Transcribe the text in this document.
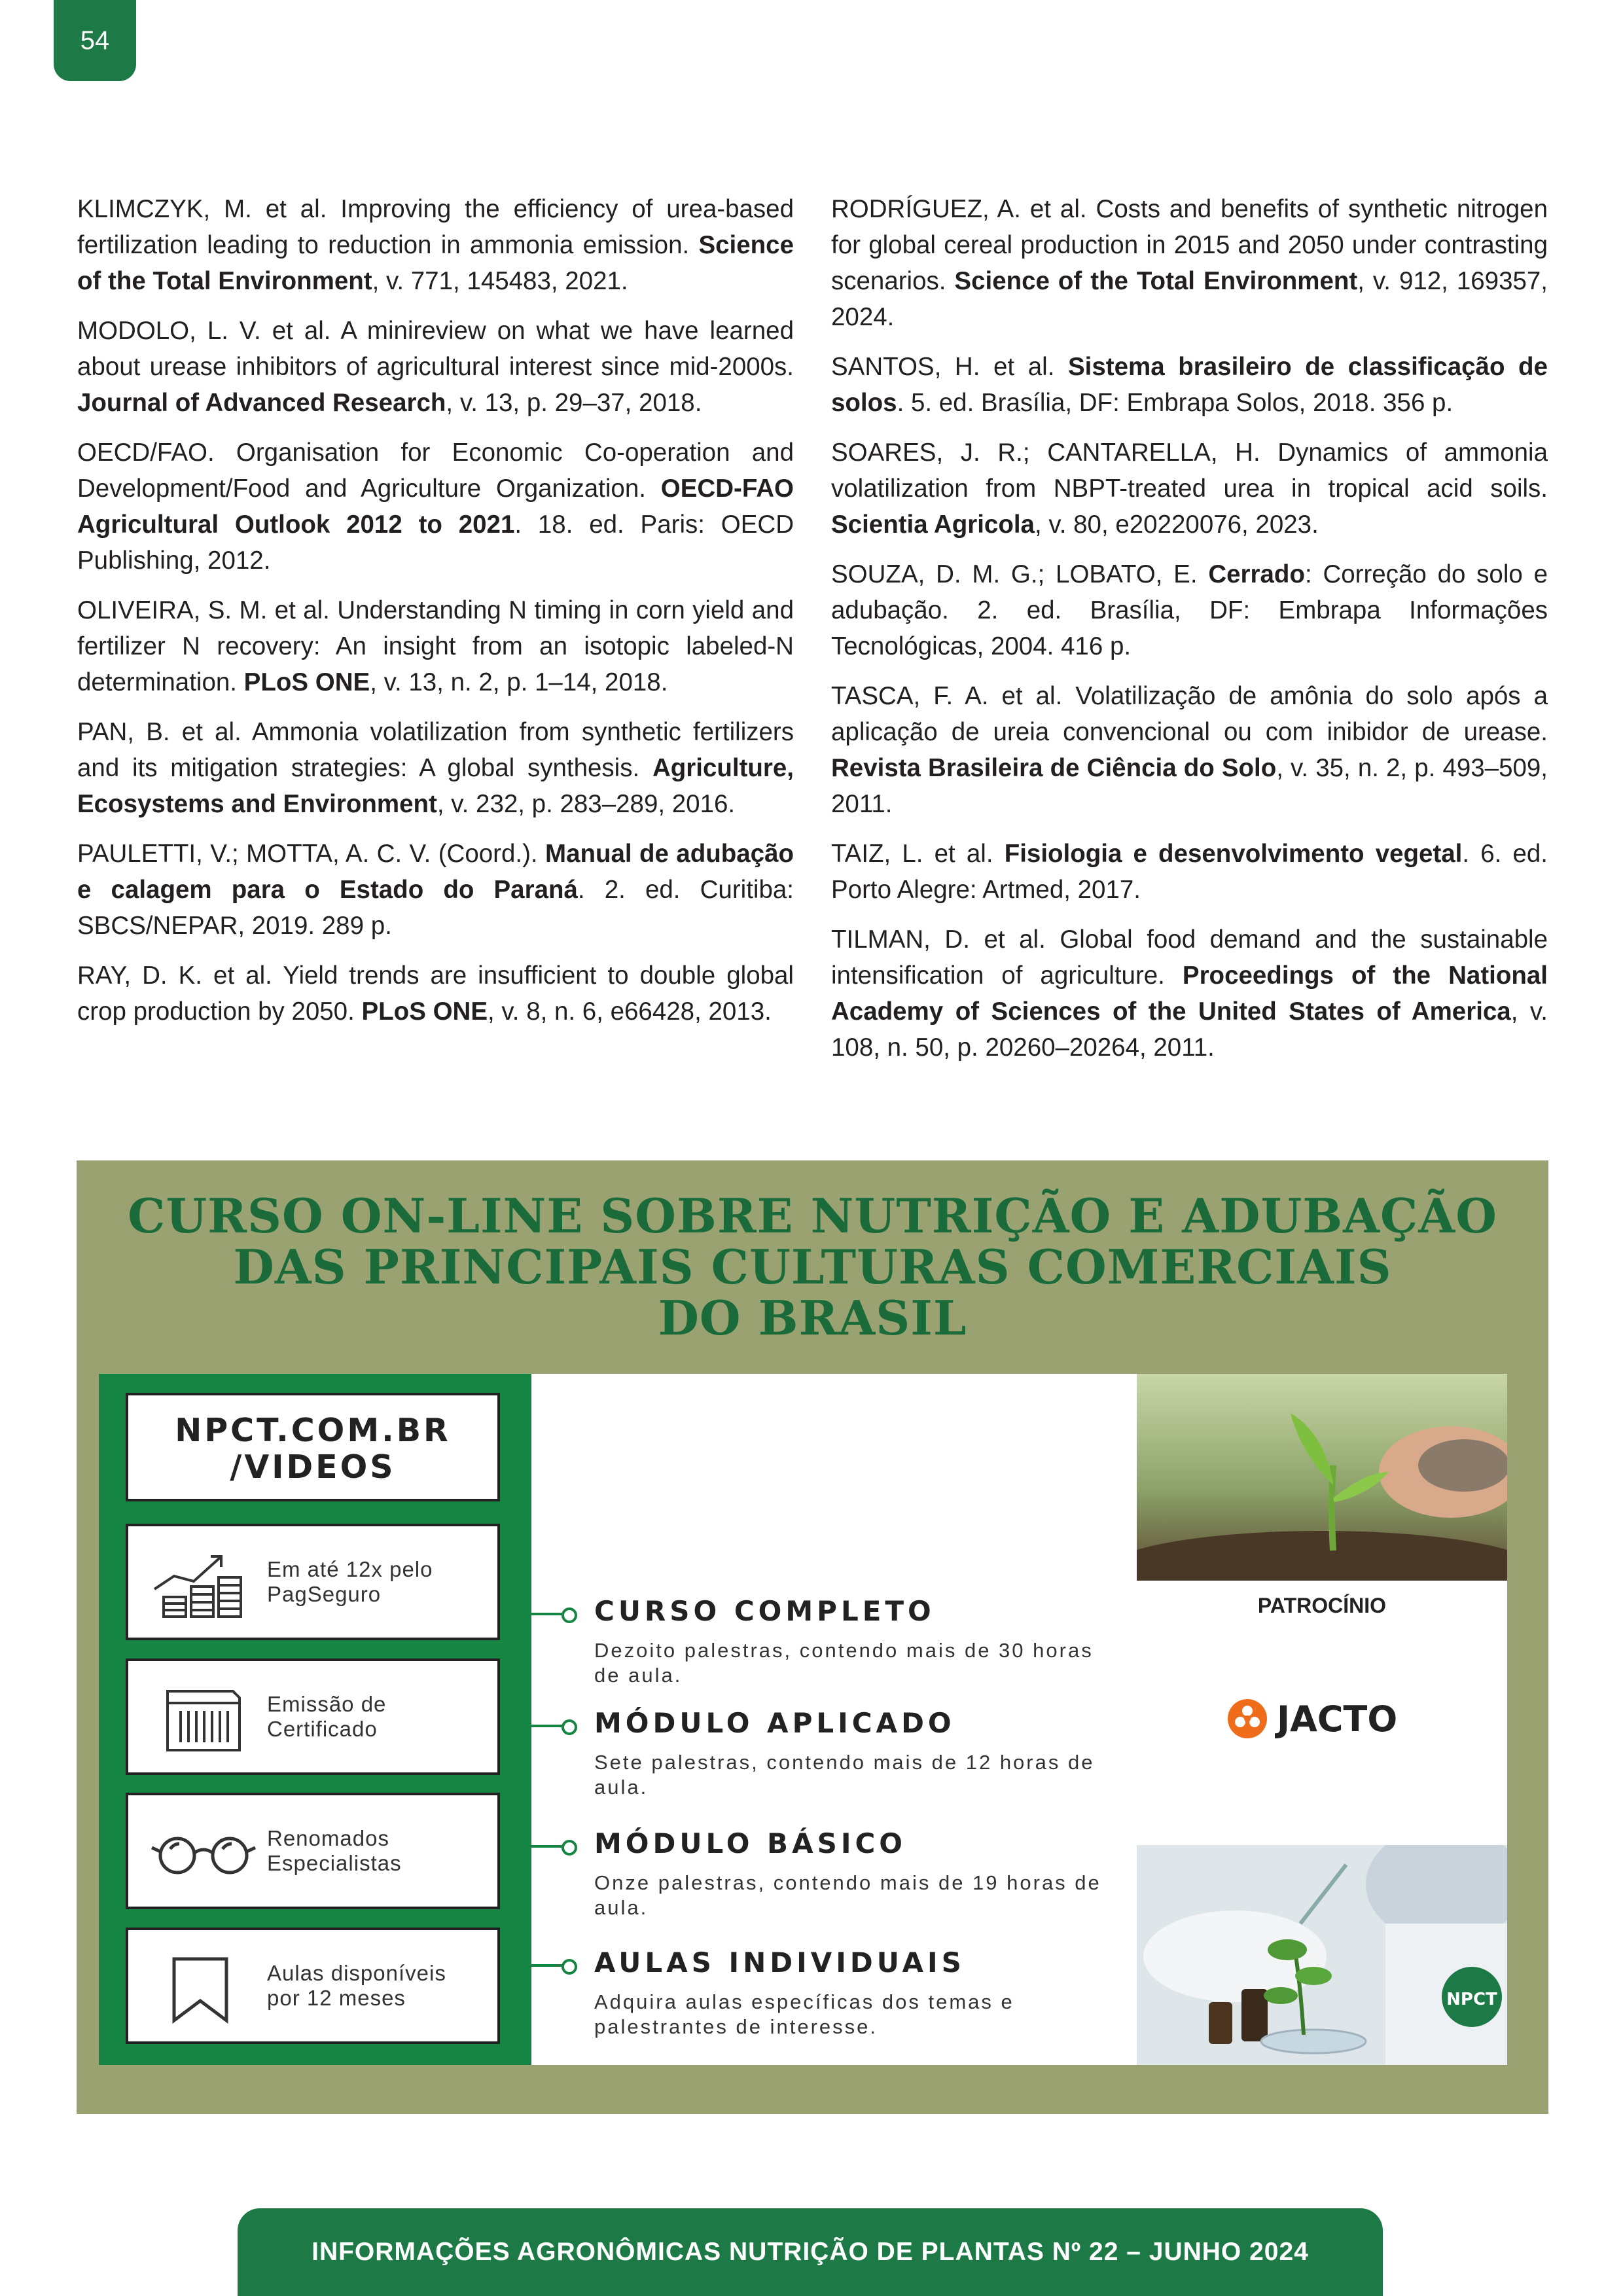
54

KLIMCZYK, M. et al. Improving the efficiency of urea-based fertilization leading to reduction in ammonia emission. Science of the Total Environment, v. 771, 145483, 2021.

MODOLO, L. V. et al. A minireview on what we have learned about urease inhibitors of agricultural interest since mid-2000s. Journal of Advanced Research, v. 13, p. 29–37, 2018.

OECD/FAO. Organisation for Economic Co-operation and Development/Food and Agriculture Organization. OECD-FAO Agricultural Outlook 2012 to 2021. 18. ed. Paris: OECD Publishing, 2012.

OLIVEIRA, S. M. et al. Understanding N timing in corn yield and fertilizer N recovery: An insight from an isotopic labeled-N determination. PLoS ONE, v. 13, n. 2, p. 1–14, 2018.

PAN, B. et al. Ammonia volatilization from synthetic fertilizers and its mitigation strategies: A global synthesis. Agriculture, Ecosystems and Environment, v. 232, p. 283–289, 2016.

PAULETTI, V.; MOTTA, A. C. V. (Coord.). Manual de adubação e calagem para o Estado do Paraná. 2. ed. Curitiba: SBCS/NEPAR, 2019. 289 p.

RAY, D. K. et al. Yield trends are insufficient to double global crop production by 2050. PLoS ONE, v. 8, n. 6, e66428, 2013.

RODRÍGUEZ, A. et al. Costs and benefits of synthetic nitrogen for global cereal production in 2015 and 2050 under contrasting scenarios. Science of the Total Environment, v. 912, 169357, 2024.

SANTOS, H. et al. Sistema brasileiro de classificação de solos. 5. ed. Brasília, DF: Embrapa Solos, 2018. 356 p.

SOARES, J. R.; CANTARELLA, H. Dynamics of ammonia volatilization from NBPT-treated urea in tropical acid soils. Scientia Agricola, v. 80, e20220076, 2023.

SOUZA, D. M. G.; LOBATO, E. Cerrado: Correção do solo e adubação. 2. ed. Brasília, DF: Embrapa Informações Tecnológicas, 2004. 416 p.

TASCA, F. A. et al. Volatilização de amônia do solo após a aplicação de ureia convencional ou com inibidor de urease. Revista Brasileira de Ciência do Solo, v. 35, n. 2, p. 493–509, 2011.

TAIZ, L. et al. Fisiologia e desenvolvimento vegetal. 6. ed. Porto Alegre: Artmed, 2017.

TILMAN, D. et al. Global food demand and the sustainable intensification of agriculture. Proceedings of the National Academy of Sciences of the United States of America, v. 108, n. 50, p. 20260–20264, 2011.

CURSO ON-LINE SOBRE NUTRIÇÃO E ADUBAÇÃO
DAS PRINCIPAIS CULTURAS COMERCIAIS
DO BRASIL
NPCT.COM.BR
/VIDEOS
Em até 12x pelo
PagSeguro
Emissão de
Certificado
Renomados
Especialistas
Aulas disponíveis
por 12 meses
CURSO COMPLETO
Dezoito palestras, contendo mais de 30 horas de aula.
MÓDULO APLICADO
Sete palestras, contendo mais de 12 horas de aula.
MÓDULO BÁSICO
Onze palestras, contendo mais de 19 horas de aula.
AULAS INDIVIDUAIS
Adquira aulas específicas dos temas e palestrantes de interesse.
PATROCÍNIO
JACTO
NPCT
INFORMAÇÕES AGRONÔMICAS NUTRIÇÃO DE PLANTAS Nº 22 – JUNHO 2024
